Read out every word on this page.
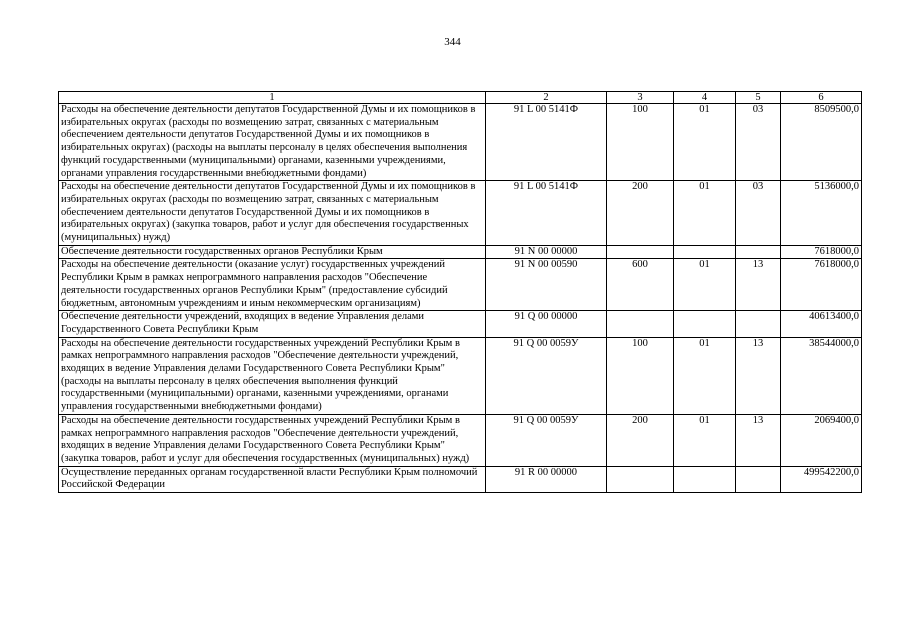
344
1	2	3	4	5	6
Расходы на обеспечение деятельности депутатов Государственной Думы и их помощников в избирательных округах (расходы по возмещению затрат, связанных с материальным обеспечением деятельности депутатов Государственной Думы и их помощников в избирательных округах) (расходы на выплаты персоналу в целях обеспечения выполнения функций государственными (муниципальными) органами, казенными учреждениями, органами управления государственными внебюджетными фондами)	91 L 00 5141Ф	100	01	03	8509500,0
Расходы на обеспечение деятельности депутатов Государственной Думы и их помощников в избирательных округах (расходы по возмещению затрат, связанных с материальным обеспечением деятельности депутатов Государственной Думы и их помощников в избирательных округах) (закупка товаров, работ и услуг для обеспечения государственных (муниципальных) нужд)	91 L 00 5141Ф	200	01	03	5136000,0
Обеспечение деятельности государственных органов Республики Крым	91 N 00 00000				7618000,0
Расходы на обеспечение деятельности (оказание услуг) государственных учреждений Республики Крым в рамках непрограммного направления расходов "Обеспечение деятельности государственных органов Республики Крым" (предоставление субсидий бюджетным, автономным учреждениям и иным некоммерческим организациям)	91 N 00 00590	600	01	13	7618000,0
Обеспечение деятельности учреждений, входящих в ведение Управления делами Государственного Совета Республики Крым	91 Q 00 00000				40613400,0
Расходы на обеспечение деятельности государственных учреждений Республики Крым в рамках непрограммного направления расходов "Обеспечение деятельности учреждений, входящих в ведение Управления делами Государственного Совета Республики Крым" (расходы на выплаты персоналу в целях обеспечения выполнения функций государственными (муниципальными) органами, казенными учреждениями, органами управления государственными внебюджетными фондами)	91 Q 00 0059У	100	01	13	38544000,0
Расходы на обеспечение деятельности государственных учреждений Республики Крым в рамках непрограммного направления расходов "Обеспечение деятельности учреждений, входящих в ведение Управления делами Государственного Совета Республики Крым" (закупка товаров, работ и услуг для обеспечения государственных (муниципальных) нужд)	91 Q 00 0059У	200	01	13	2069400,0
Осуществление переданных органам государственной власти Республики Крым полномочий Российской Федерации	91 R 00 00000				499542200,0
